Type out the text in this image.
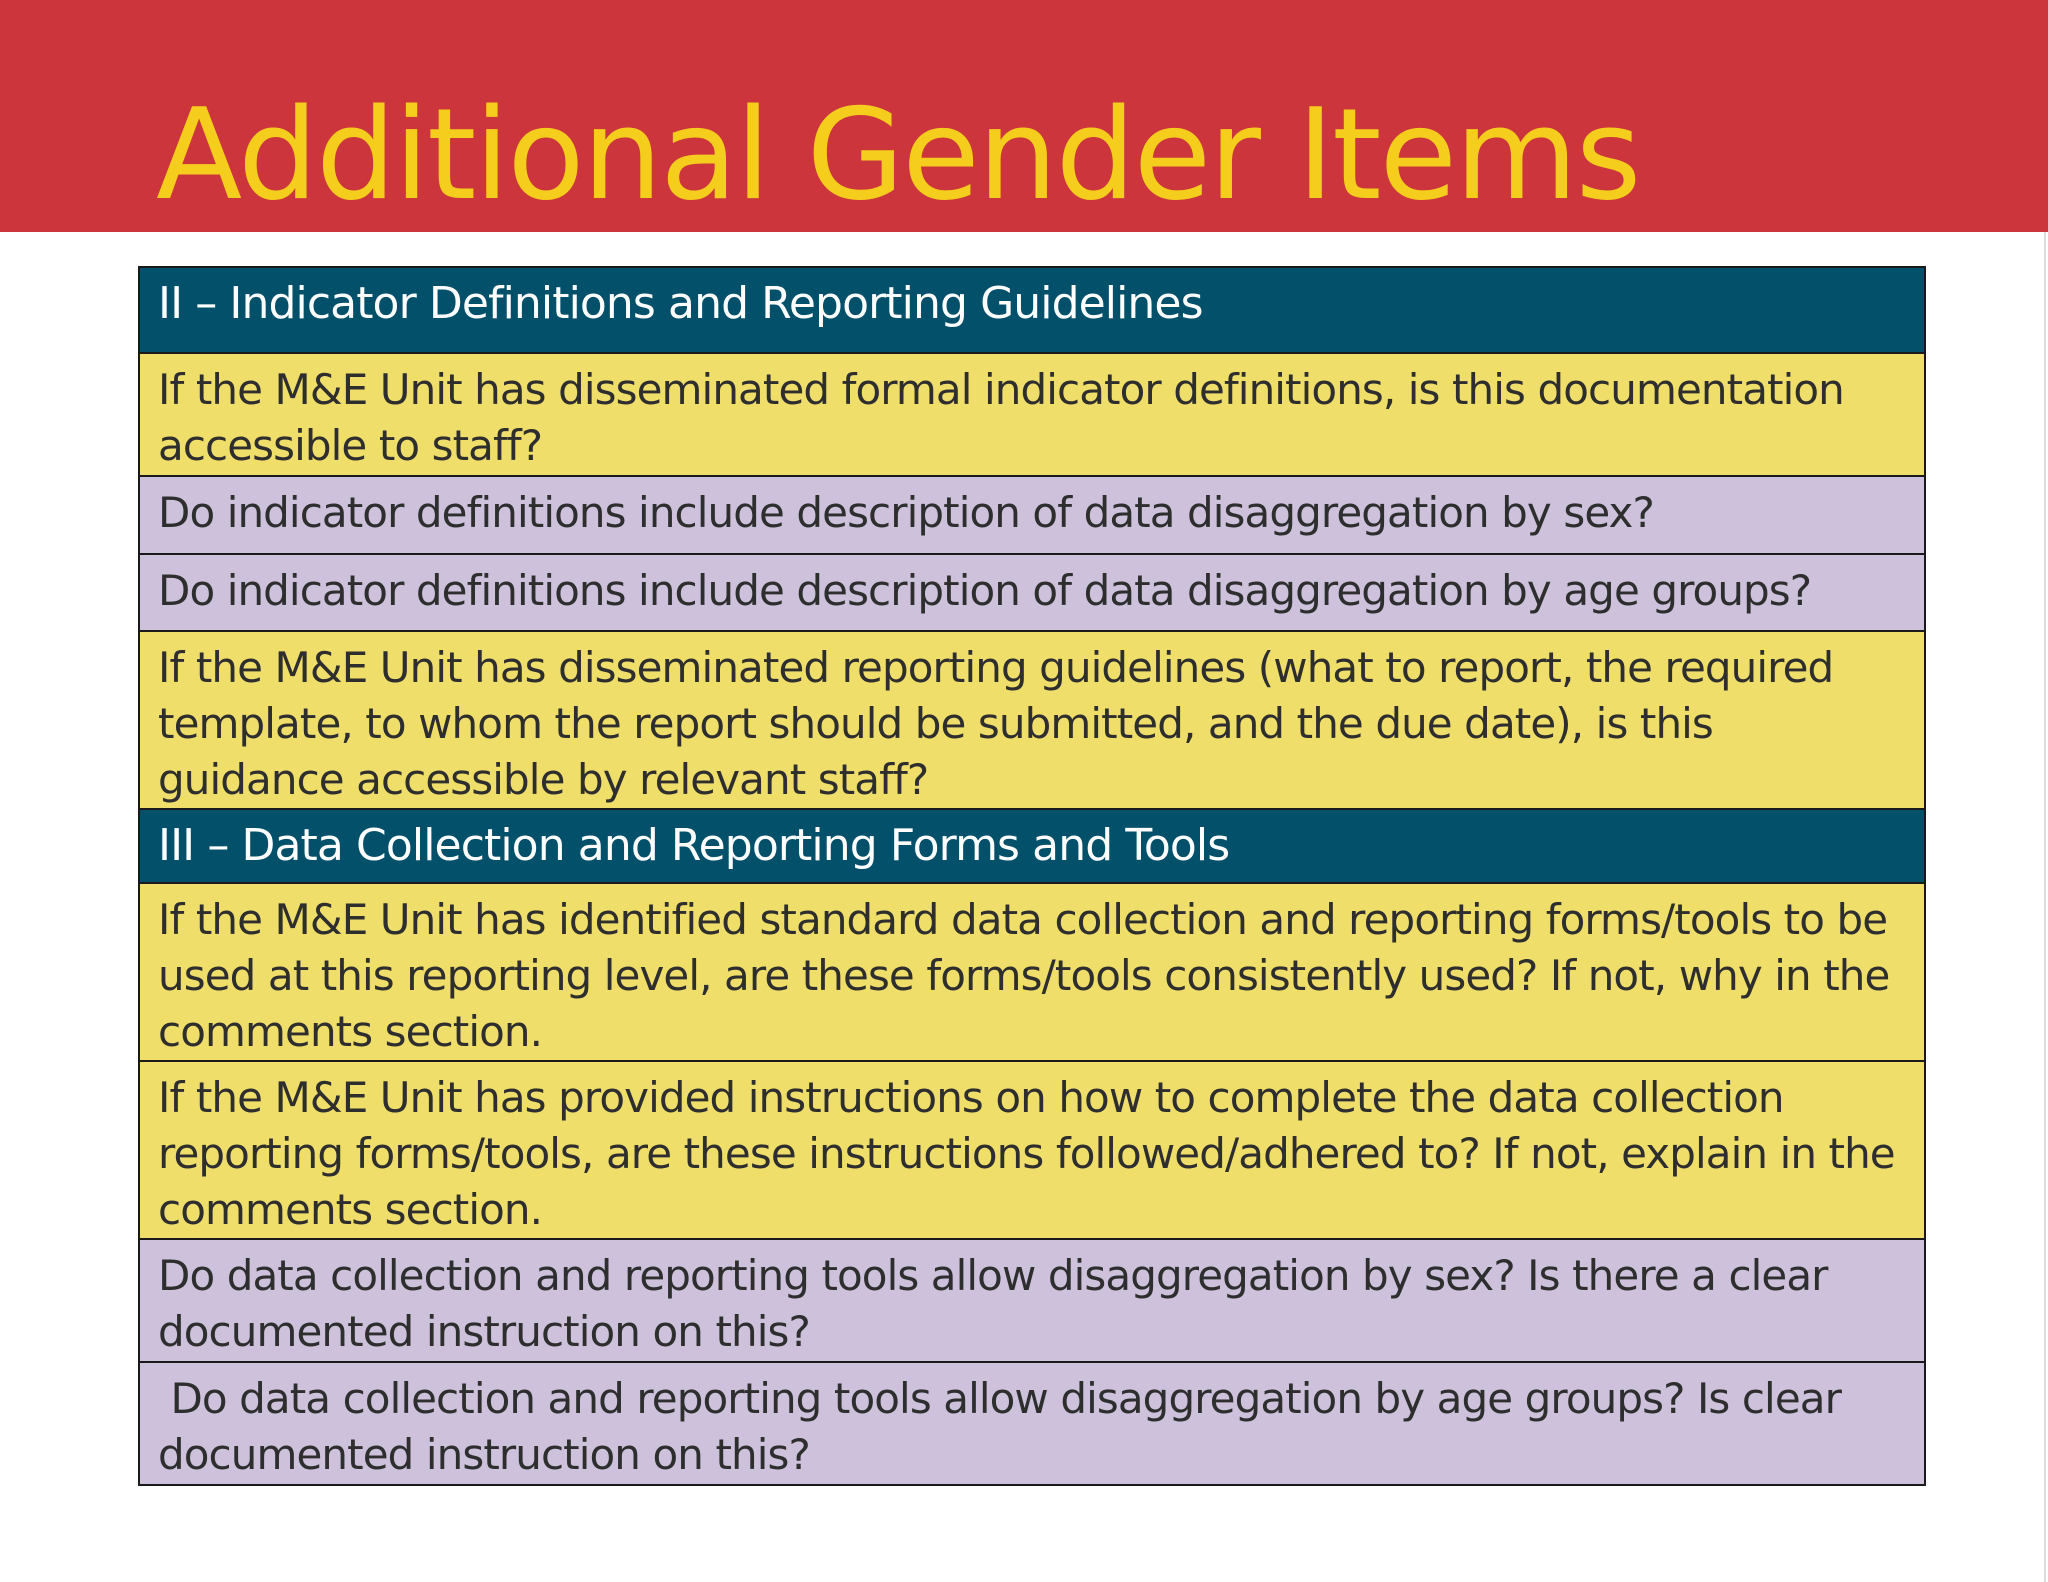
Additional Gender Items
II – Indicator Definitions and Reporting Guidelines

If the M&E Unit has disseminated formal indicator definitions, is this documentation accessible to staff?

Do indicator definitions include description of data disaggregation by sex?

Do indicator definitions include description of data disaggregation by age groups?

If the M&E Unit has disseminated reporting guidelines (what to report, the required template, to whom the report should be submitted, and the due date), is this guidance accessible by relevant staff?

III – Data Collection and Reporting Forms and Tools

If the M&E Unit has identified standard data collection and reporting forms/tools to be used at this reporting level, are these forms/tools consistently used? If not, why in the comments section.

If the M&E Unit has provided instructions on how to complete the data collection reporting forms/tools, are these instructions followed/adhered to? If not, explain in the comments section.

Do data collection and reporting tools allow disaggregation by sex? Is there a clear documented instruction on this?

Do data collection and reporting tools allow disaggregation by age groups? Is clear documented instruction on this?
